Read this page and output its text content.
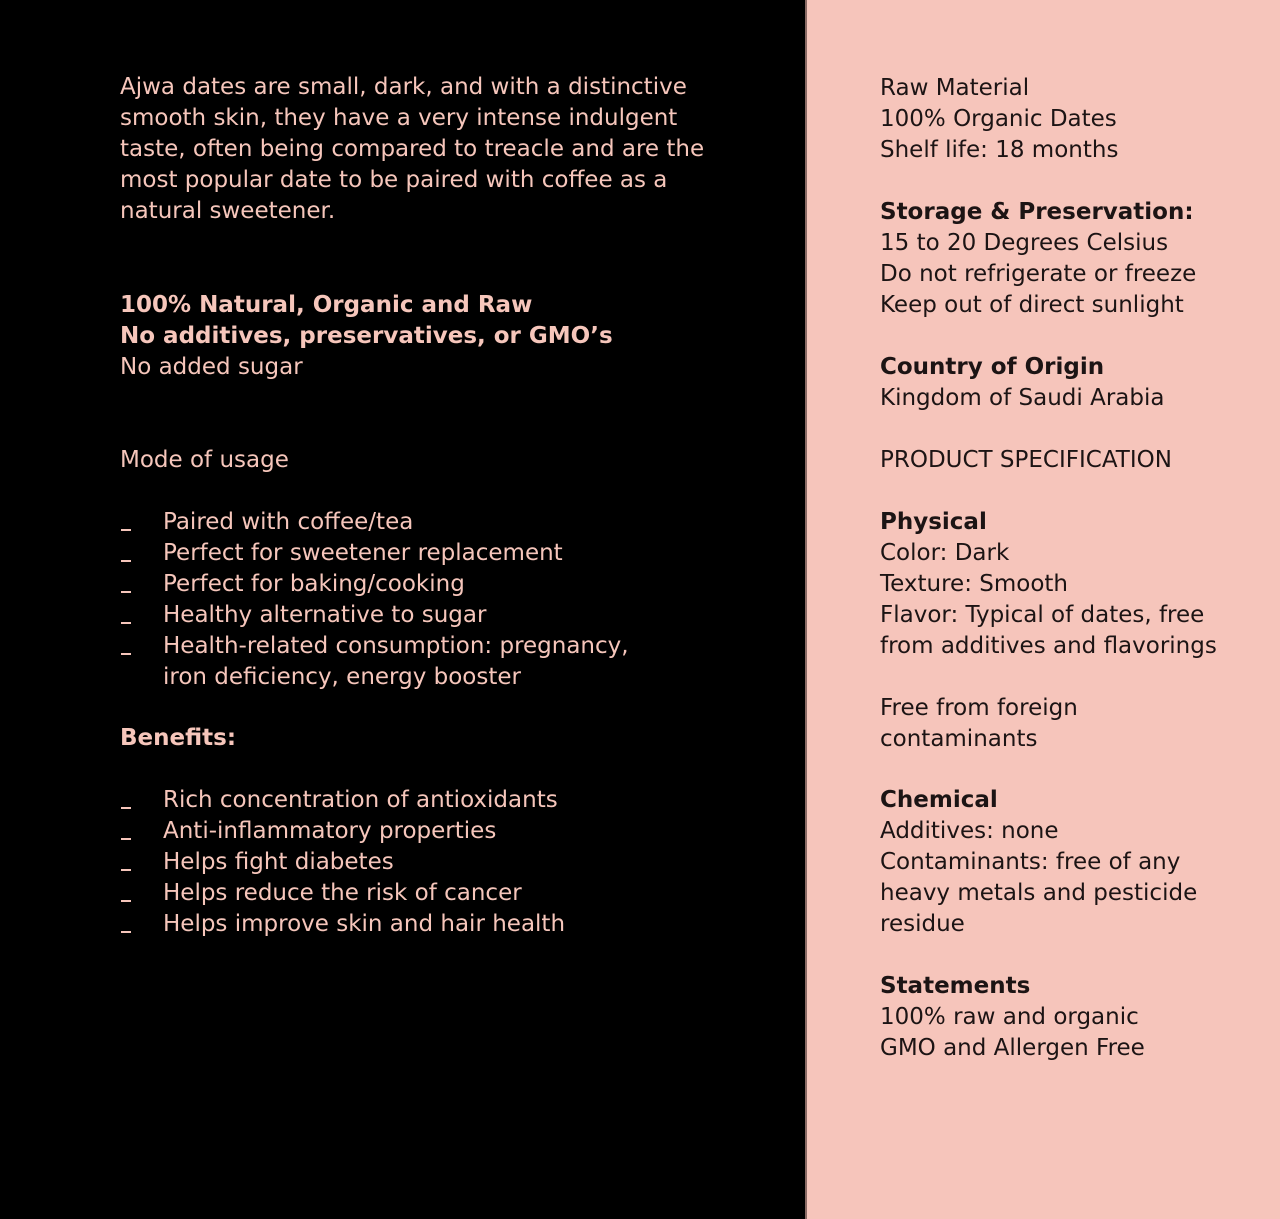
Ajwa dates are small, dark, and with a distinctive

smooth skin, they have a very intense indulgent

taste, often being compared to treacle and are the

most popular date to be paired with coffee as a

natural sweetener.

100% Natural, Organic and Raw
No additives, preservatives, or GMO’s
No added sugar
Mode of usage
Paired with coffee/tea
Perfect for sweetener replacement
Perfect for baking/cooking
Healthy alternative to sugar
Health-related consumption: pregnancy,
iron deficiency, energy booster
Benefits:
Rich concentration of antioxidants
Anti-inflammatory properties
Helps fight diabetes
Helps reduce the risk of cancer
Helps improve skin and hair health
Raw Material
100% Organic Dates
Shelf life: 18 months
Storage & Preservation:
15 to 20 Degrees Celsius
Do not refrigerate or freeze
Keep out of direct sunlight
Country of Origin
Kingdom of Saudi Arabia
PRODUCT SPECIFICATION
Physical
Color: Dark
Texture: Smooth
Flavor: Typical of dates, free
from additives and flavorings
Free from foreign
contaminants
Chemical
Additives: none
Contaminants: free of any
heavy metals and pesticide
residue
Statements
100% raw and organic
GMO and Allergen Free
